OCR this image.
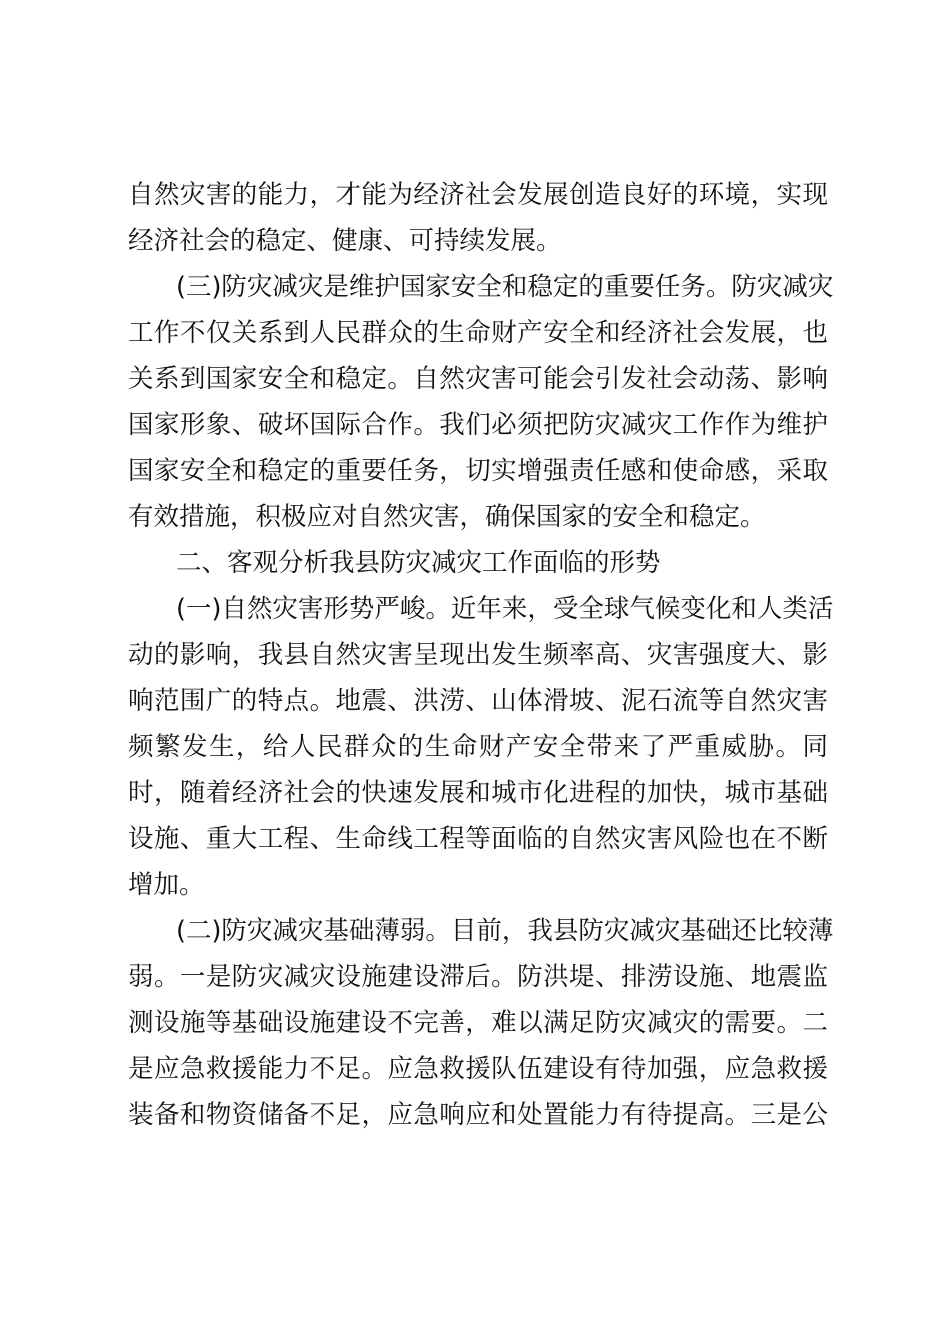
自然灾害的能力，才能为经济社会发展创造良好的环境，实现
经济社会的稳定、健康、可持续发展。
(三)防灾减灾是维护国家安全和稳定的重要任务。防灾减灾
工作不仅关系到人民群众的生命财产安全和经济社会发展，也
关系到国家安全和稳定。自然灾害可能会引发社会动荡、影响
国家形象、破坏国际合作。我们必须把防灾减灾工作作为维护
国家安全和稳定的重要任务，切实增强责任感和使命感，采取
有效措施，积极应对自然灾害，确保国家的安全和稳定。
二、客观分析我县防灾减灾工作面临的形势
(一)自然灾害形势严峻。近年来，受全球气候变化和人类活
动的影响，我县自然灾害呈现出发生频率高、灾害强度大、影
响范围广的特点。地震、洪涝、山体滑坡、泥石流等自然灾害
频繁发生，给人民群众的生命财产安全带来了严重威胁。同
时，随着经济社会的快速发展和城市化进程的加快，城市基础
设施、重大工程、生命线工程等面临的自然灾害风险也在不断
增加。
(二)防灾减灾基础薄弱。目前，我县防灾减灾基础还比较薄
弱。一是防灾减灾设施建设滞后。防洪堤、排涝设施、地震监
测设施等基础设施建设不完善，难以满足防灾减灾的需要。二
是应急救援能力不足。应急救援队伍建设有待加强，应急救援
装备和物资储备不足，应急响应和处置能力有待提高。三是公
